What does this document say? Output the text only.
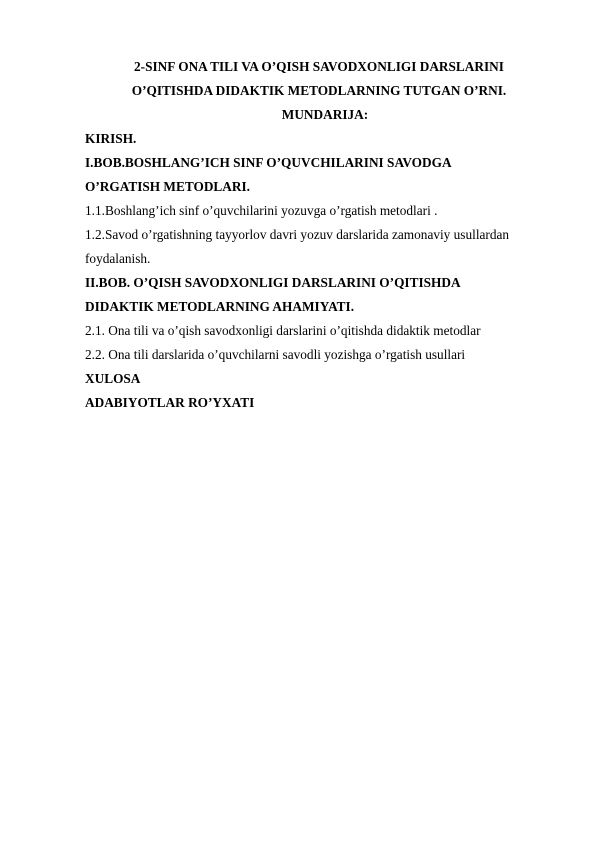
2-SINF ONA TILI VA O’QISH SAVODXONLIGI DARSLARINI
O’QITISHDA DIDAKTIK METODLARNING TUTGAN O’RNI.
MUNDARIJA:
KIRISH.
I.BOB.BOSHLANG’ICH SINF O’QUVCHILARINI SAVODGA
O’RGATISH METODLARI.
1.1.Boshlang’ich sinf o’quvchilarini yozuvga o’rgatish metodlari .
1.2.Savod o’rgatishning tayyorlov davri yozuv darslarida zamonaviy usullardan
foydalanish.
II.BOB. O’QISH SAVODXONLIGI DARSLARINI O’QITISHDA
DIDAKTIK METODLARNING AHAMIYATI.
2.1. Ona tili va o’qish savodxonligi darslarini o’qitishda didaktik metodlar
2.2. Ona tili darslarida o’quvchilarni savodli yozishga o’rgatish usullari
XULOSA
ADABIYOTLAR RO’YXATI
